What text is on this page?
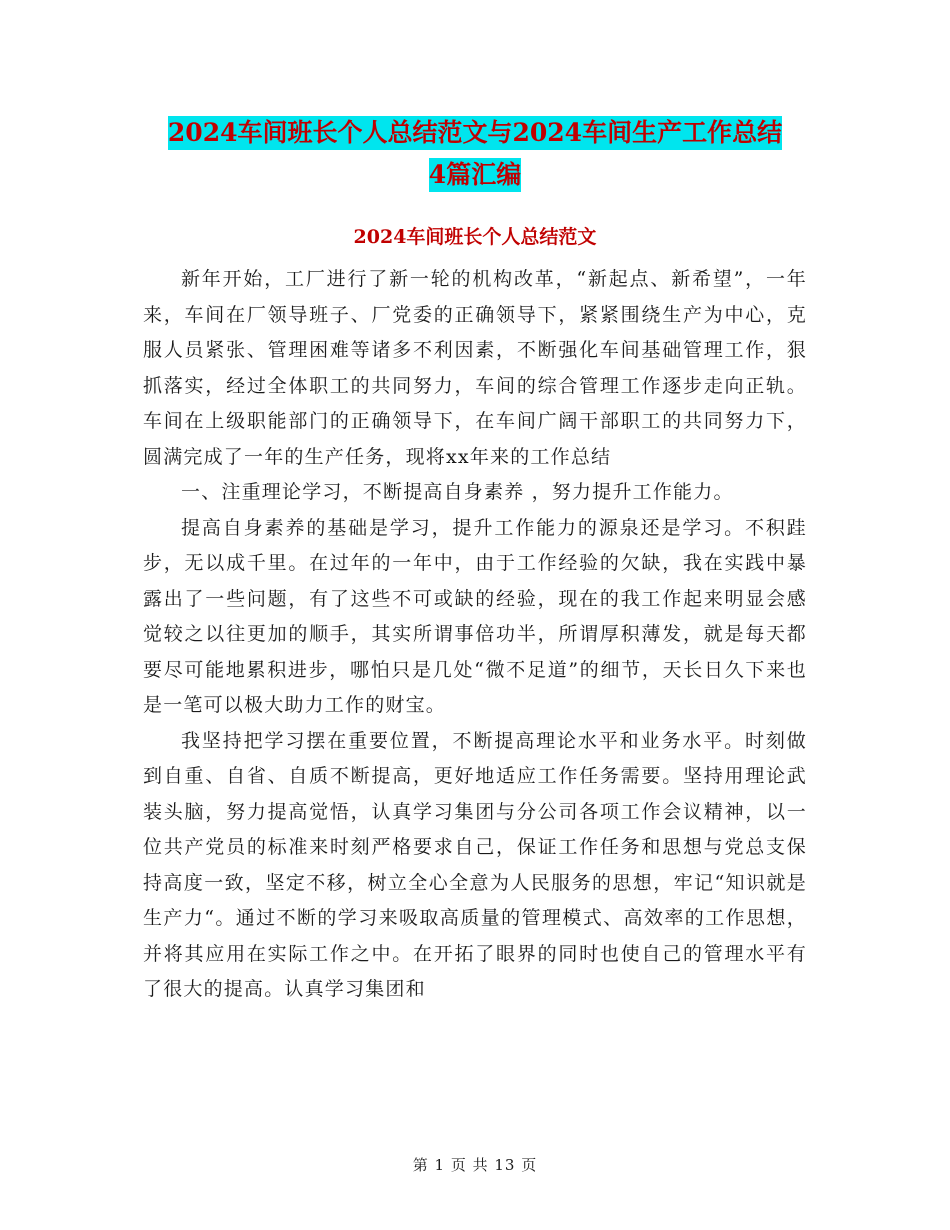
2024车间班长个人总结范文与2024车间生产工作总结
4篇汇编
2024车间班长个人总结范文

新年开始，工厂进行了新一轮的机构改革，“新起点、新希望”，一年来，车间在厂领导班子、厂党委的正确领导下，紧紧围绕生产为中心，克服人员紧张、管理困难等诸多不利因素，不断强化车间基础管理工作，狠抓落实，经过全体职工的共同努力，车间的综合管理工作逐步走向正轨。车间在上级职能部门的正确领导下，在车间广阔干部职工的共同努力下，圆满完成了一年的生产任务，现将xx年来的工作总结

一、注重理论学习，不断提高自身素养 ，努力提升工作能力。

提高自身素养的基础是学习，提升工作能力的源泉还是学习。不积跬步，无以成千里。在过年的一年中，由于工作经验的欠缺，我在实践中暴露出了一些问题，有了这些不可或缺的经验，现在的我工作起来明显会感觉较之以往更加的顺手，其实所谓事倍功半，所谓厚积薄发，就是每天都要尽可能地累积进步，哪怕只是几处“微不足道”的细节，天长日久下来也是一笔可以极大助力工作的财宝。

我坚持把学习摆在重要位置，不断提高理论水平和业务水平。时刻做到自重、自省、自质不断提高，更好地适应工作任务需要。坚持用理论武装头脑，努力提高觉悟，认真学习集团与分公司各项工作会议精神，以一位共产党员的标准来时刻严格要求自己，保证工作任务和思想与党总支保持高度一致，坚定不移，树立全心全意为人民服务的思想，牢记“知识就是生产力“。通过不断的学习来吸取高质量的管理模式、高效率的工作思想，并将其应用在实际工作之中。在开拓了眼界的同时也使自己的管理水平有了很大的提高。认真学习集团和

第 1 页 共 13 页
